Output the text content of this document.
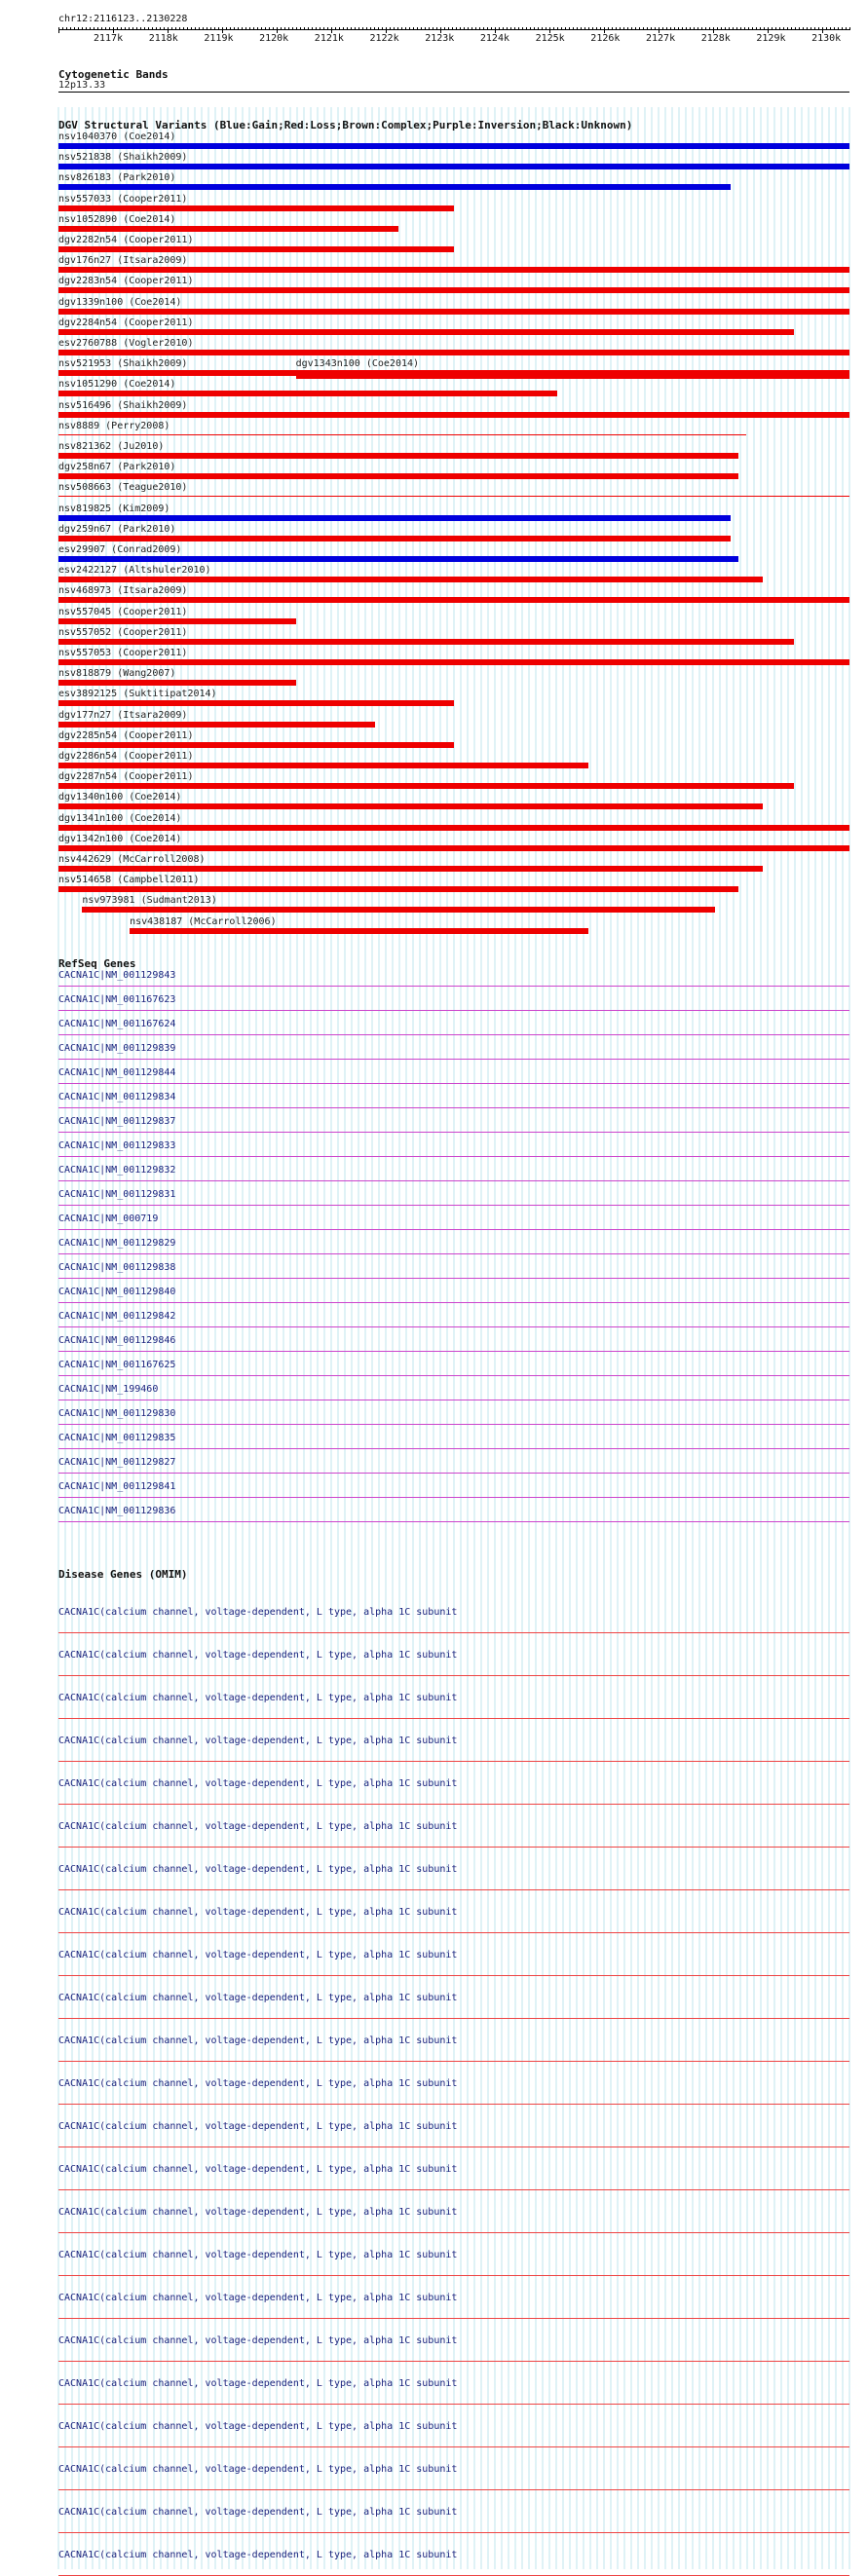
chr12:2116123..2130228
2117k	2118k	2119k	2120k	2121k	2122k	2123k	2124k	2125k	2126k	2127k	2128k	2129k	2130k
Cytogenetic Bands
12p13.33
DGV Structural Variants (Blue:Gain;Red:Loss;Brown:Complex;Purple:Inversion;Black:Unknown)
nsv1040370 (Coe2014)
nsv521838 (Shaikh2009)
nsv826183 (Park2010)
nsv557033 (Cooper2011)
nsv1052890 (Coe2014)
dgv2282n54 (Cooper2011)
dgv176n27 (Itsara2009)
dgv2283n54 (Cooper2011)
dgv1339n100 (Coe2014)
dgv2284n54 (Cooper2011)
esv2760788 (Vogler2010)
nsv521953 (Shaikh2009)	dgv1343n100 (Coe2014)
nsv1051290 (Coe2014)
nsv516496 (Shaikh2009)
nsv8889 (Perry2008)
nsv821362 (Ju2010)
dgv258n67 (Park2010)
nsv508663 (Teague2010)
nsv819825 (Kim2009)
dgv259n67 (Park2010)
esv29907 (Conrad2009)
esv2422127 (Altshuler2010)
nsv468973 (Itsara2009)
nsv557045 (Cooper2011)
nsv557052 (Cooper2011)
nsv557053 (Cooper2011)
nsv818879 (Wang2007)
esv3892125 (Suktitipat2014)
dgv177n27 (Itsara2009)
dgv2285n54 (Cooper2011)
dgv2286n54 (Cooper2011)
dgv2287n54 (Cooper2011)
dgv1340n100 (Coe2014)
dgv1341n100 (Coe2014)
dgv1342n100 (Coe2014)
nsv442629 (McCarroll2008)
nsv514658 (Campbell2011)
nsv973981 (Sudmant2013)
nsv438187 (McCarroll2006)
RefSeq Genes
CACNA1C|NM_001129843
CACNA1C|NM_001167623
CACNA1C|NM_001167624
CACNA1C|NM_001129839
CACNA1C|NM_001129844
CACNA1C|NM_001129834
CACNA1C|NM_001129837
CACNA1C|NM_001129833
CACNA1C|NM_001129832
CACNA1C|NM_001129831
CACNA1C|NM_000719
CACNA1C|NM_001129829
CACNA1C|NM_001129838
CACNA1C|NM_001129840
CACNA1C|NM_001129842
CACNA1C|NM_001129846
CACNA1C|NM_001167625
CACNA1C|NM_199460
CACNA1C|NM_001129830
CACNA1C|NM_001129835
CACNA1C|NM_001129827
CACNA1C|NM_001129841
CACNA1C|NM_001129836
Disease Genes (OMIM)
CACNA1C(calcium channel, voltage-dependent, L type, alpha 1C subunit
CACNA1C(calcium channel, voltage-dependent, L type, alpha 1C subunit
CACNA1C(calcium channel, voltage-dependent, L type, alpha 1C subunit
CACNA1C(calcium channel, voltage-dependent, L type, alpha 1C subunit
CACNA1C(calcium channel, voltage-dependent, L type, alpha 1C subunit
CACNA1C(calcium channel, voltage-dependent, L type, alpha 1C subunit
CACNA1C(calcium channel, voltage-dependent, L type, alpha 1C subunit
CACNA1C(calcium channel, voltage-dependent, L type, alpha 1C subunit
CACNA1C(calcium channel, voltage-dependent, L type, alpha 1C subunit
CACNA1C(calcium channel, voltage-dependent, L type, alpha 1C subunit
CACNA1C(calcium channel, voltage-dependent, L type, alpha 1C subunit
CACNA1C(calcium channel, voltage-dependent, L type, alpha 1C subunit
CACNA1C(calcium channel, voltage-dependent, L type, alpha 1C subunit
CACNA1C(calcium channel, voltage-dependent, L type, alpha 1C subunit
CACNA1C(calcium channel, voltage-dependent, L type, alpha 1C subunit
CACNA1C(calcium channel, voltage-dependent, L type, alpha 1C subunit
CACNA1C(calcium channel, voltage-dependent, L type, alpha 1C subunit
CACNA1C(calcium channel, voltage-dependent, L type, alpha 1C subunit
CACNA1C(calcium channel, voltage-dependent, L type, alpha 1C subunit
CACNA1C(calcium channel, voltage-dependent, L type, alpha 1C subunit
CACNA1C(calcium channel, voltage-dependent, L type, alpha 1C subunit
CACNA1C(calcium channel, voltage-dependent, L type, alpha 1C subunit
CACNA1C(calcium channel, voltage-dependent, L type, alpha 1C subunit
